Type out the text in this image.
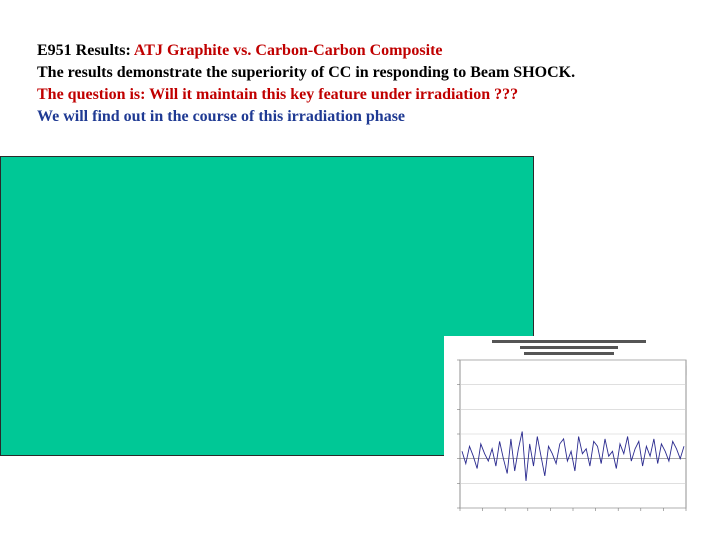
E951 Results: ATJ Graphite vs. Carbon-Carbon Composite
The results demonstrate the superiority of CC in responding to Beam SHOCK.
The question is: Will it maintain this key feature under irradiation ???
We will find out in the course of this irradiation phase
